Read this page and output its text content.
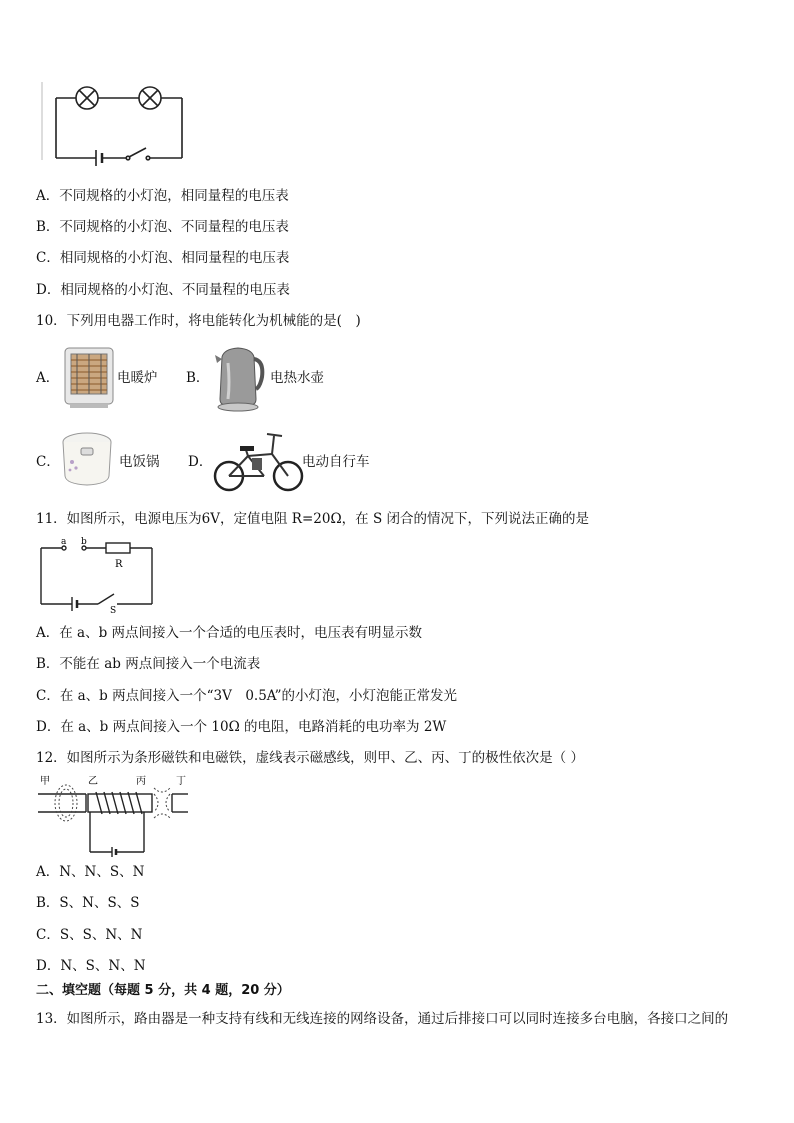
A．不同规格的小灯泡，相同量程的电压表
B．不同规格的小灯泡、不同量程的电压表
C．相同规格的小灯泡、相同量程的电压表
D．相同规格的小灯泡、不同量程的电压表
10．下列用电器工作时，将电能转化为机械能的是(　)
A．	电暖炉 B．	电热水壶
C．	电饭锅 D．	电动自行车
11．如图所示，电源电压为6V，定值电阻 R=20Ω，在 S 闭合的情况下，下列说法正确的是
a b
R
S
A．在 a、b 两点间接入一个合适的电压表时，电压表有明显示数
B．不能在 ab 两点间接入一个电流表
C．在 a、b 两点间接入一个“3V　0.5A”的小灯泡，小灯泡能正常发光
D．在 a、b 两点间接入一个 10Ω 的电阻，电路消耗的电功率为 2W
12．如图所示为条形磁铁和电磁铁，虚线表示磁感线，则甲、乙、丙、丁的极性依次是（ ）
甲	乙	丙	丁
A．N、N、S、N
B．S、N、S、S
C．S、S、N、N
D．N、S、N、N
二、填空题（每题 5 分，共 4 题，20 分）
13．如图所示，路由器是一种支持有线和无线连接的网络设备，通过后排接口可以同时连接多台电脑，各接口之间的
